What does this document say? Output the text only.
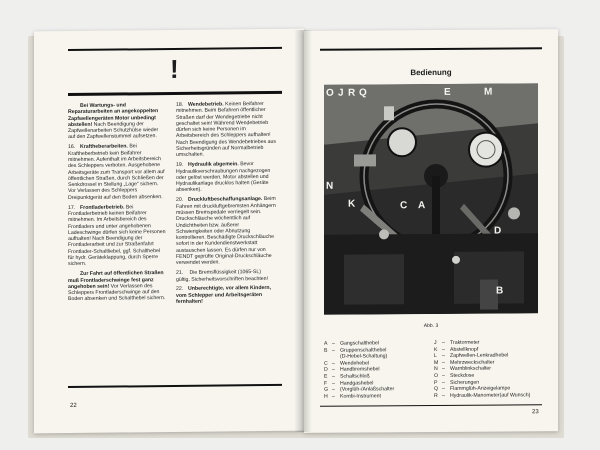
!

Bei Wartungs- und Reparaturarbeiten an angekoppelten Zapfwellengeräten Motor unbedingt abstellen! Nach Beendigung der Zapfwellenarbeiten Schutzhülse wieder auf den Zapfwellenstummel aufsetzen.

16. Kraftheberarbeiten. Bei Kraftheberbetrieb kein Beifahrer mitnehmen. Aufenthalt im Arbeitsbereich des Schleppers verboten. Ausgehobene Arbeitsgeräte zum Transport vor allem auf öffentlichen Straßen, durch Schließen der Senkdrossel in Stellung „Lage“ sichern. Vor Verlassen des Schleppers Dreipunktgerät auf den Boden absenken.

17. Frontladerbetrieb. Bei Frontladerbetrieb keinen Beifahrer mitnehmen. Im Arbeitsbereich des Frontladers und unter angehobenen Ladeschwinge dürfen sich keine Personen aufhalten! Nach Beendigung der Frontladerarbeit und zur Straßenfahrt Frontlader-Schaltliebel, ggf. Schalthebel für hydr. Geräteklappung, durch Sperre sichern.

Zur Fahrt auf öffentlichen Straßen muß Frontladerschwinge fest ganz angehoben sein! Vor Verlassen des Schleppers Frontladerschwinge auf den Boden absenken und Schalthebel sichern.

18. Wendebetrieb. Keinen Beifahrer mitnehmen. Beim Befahren öffentlicher Straßen darf der Wendegetriebe nicht geschaltet sein! Während Wendebetrieb dürfen sich keine Personen im Arbeitsbereich des Schleppers aufhalten! Nach Beendigung des Wendebetriebes aus Sicherheitsgründen auf Normalbetrieb umschalten.

19. Hydraulik abgemein. Bevor Hydraulikverschraubungen nachgezogen oder gelöst werden, Motor abstellen und Hydraulikanlage drucklos halten (Geräte absenken).

20. Druckluftbeschaffungsanlage. Beim Fahren mit druckluftgebremsten Anhängern müssen Bremspedale verriegelt sein. Druckschläuche wöchentlich auf Undichtheiten bzw. äußerer Schwierigkeiten oder Abnutzung kontrollieren. Beschädigte Druckschläuche sofort in der Kundendienstwerkstatt austauschen lassen. Es dürfen nur von FENDT geprüfte Original-Druckschläuche verwendet werden.

21. Die Bremsflüssigkeit (1065-SL) gültig, Sicherheitsvorschriften beachten!

22. Unberechtigte, vor allem Kindern, vom Schlepper und Arbeitsgeräten fernhalten!

22
Bedienung
O J R Q	E	M
N
K	C A
D
B
Abb. 3
A –Gangschalthebel
B –Gruppenschalthebel
(D-Hebel-Schaltung)
C –Wendehebel
D –Handbremshebel
E –Schaltschloß
F –Handgashebel
G –(Vorglüh-/Anlaßschalter
H –Kombi-Instrument
J –Traktormeter
K –Abstellknopf
L –Zapfwellen-Lenkradhebel
M –Mehrzweckschalter
N –Warnblinkschalter
O –Steckdose
P –Sicherungen
Q –Flammglüh-Anzeigelampe
R –Hydraulik-Manometer(auf Wunsch)
23
